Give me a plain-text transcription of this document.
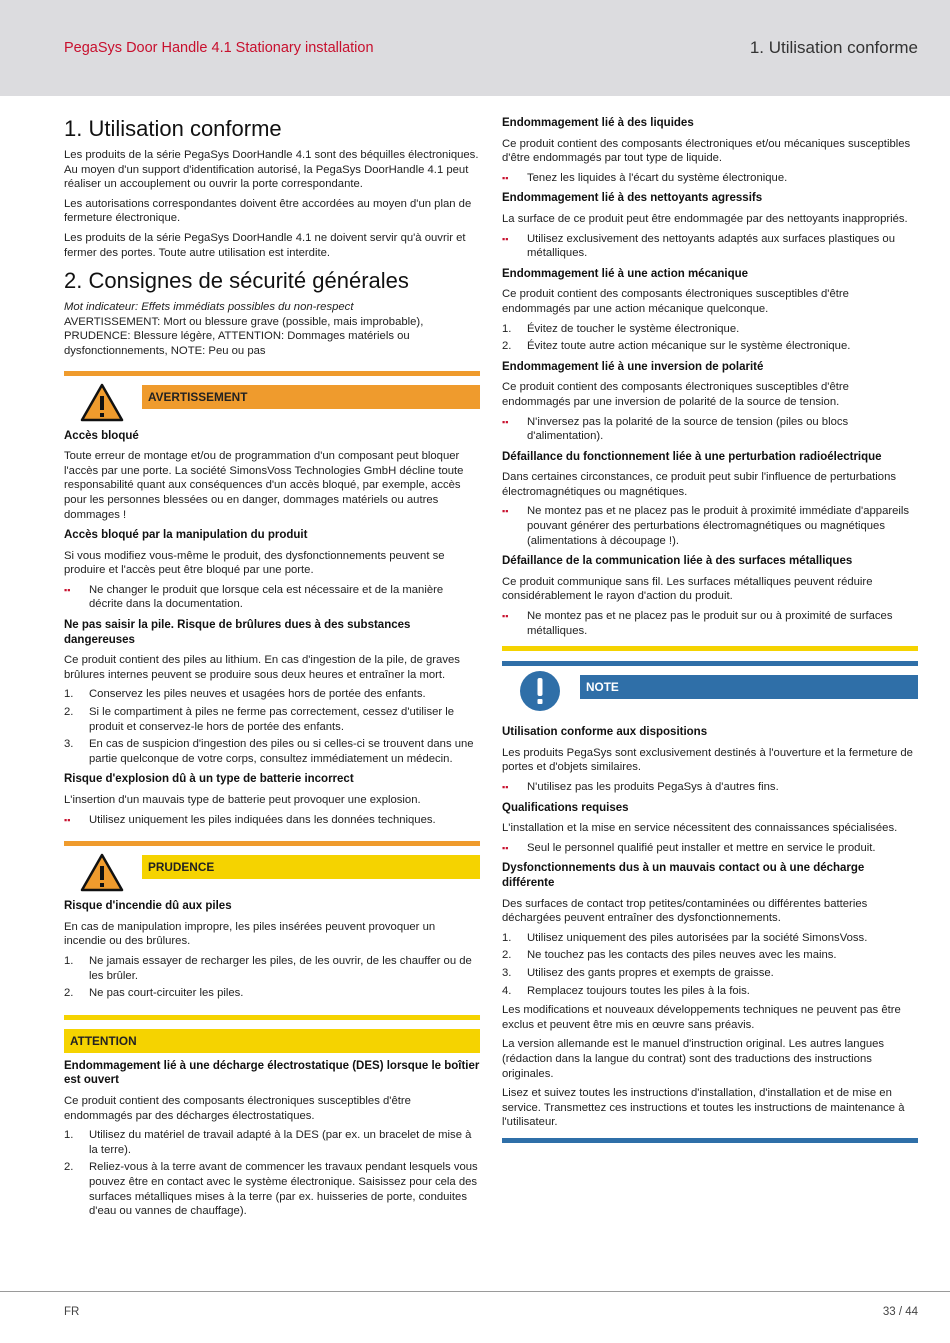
PegaSys Door Handle 4.1 Stationary installation	1. Utilisation conforme
1. Utilisation conforme

Les produits de la série PegaSys DoorHandle 4.1 sont des béquilles électroniques. Au moyen d'un support d'identification autorisé, la PegaSys DoorHandle 4.1 peut réaliser un accouplement ou ouvrir la porte correspondante.

Les autorisations correspondantes doivent être accordées au moyen d'un plan de fermeture électronique.

Les produits de la série PegaSys DoorHandle 4.1 ne doivent servir qu'à ouvrir et fermer des portes. Toute autre utilisation est interdite.

2. Consignes de sécurité générales

Mot indicateur: Effets immédiats possibles du non-respect

AVERTISSEMENT: Mort ou blessure grave (possible, mais improbable), PRUDENCE: Blessure légère, ATTENTION: Dommages matériels ou dysfonctionnements, NOTE: Peu ou pas

AVERTISSEMENT
Accès bloqué

Toute erreur de montage et/ou de programmation d'un composant peut bloquer l'accès par une porte. La société SimonsVoss Technologies GmbH décline toute responsabilité quant aux conséquences d'un accès bloqué, par exemple, accès pour les personnes blessées ou en danger, dommages matériels ou autres dommages !

Accès bloqué par la manipulation du produit

Si vous modifiez vous-même le produit, des dysfonctionnements peuvent se produire et l'accès peut être bloqué par une porte.

▪▪	Ne changer le produit que lorsque cela est nécessaire et de la manière décrite dans la documentation.
Ne pas saisir la pile. Risque de brûlures dues à des substances dangereuses

Ce produit contient des piles au lithium. En cas d'ingestion de la pile, de graves brûlures internes peuvent se produire sous deux heures et entraîner la mort.

1. Conservez les piles neuves et usagées hors de portée des enfants.
2. Si le compartiment à piles ne ferme pas correctement, cessez d'utiliser le produit et conservez-le hors de portée des enfants.
3. En cas de suspicion d'ingestion des piles ou si celles-ci se trouvent dans une partie quelconque de votre corps, consultez immédiatement un médecin.
Risque d'explosion dû à un type de batterie incorrect

L'insertion d'un mauvais type de batterie peut provoquer une explosion.

▪▪	Utilisez uniquement les piles indiquées dans les données techniques.
PRUDENCE
Risque d'incendie dû aux piles

En cas de manipulation impropre, les piles insérées peuvent provoquer un incendie ou des brûlures.

1. Ne jamais essayer de recharger les piles, de les ouvrir, de les chauffer ou de les brûler.
2. Ne pas court-circuiter les piles.
ATTENTION
Endommagement lié à une décharge électrostatique (DES) lorsque le boîtier est ouvert

Ce produit contient des composants électroniques susceptibles d'être endommagés par des décharges électrostatiques.

1. Utilisez du matériel de travail adapté à la DES (par ex. un bracelet de mise à la terre).
2. Reliez-vous à la terre avant de commencer les travaux pendant lesquels vous pouvez être en contact avec le système électronique. Saisissez pour cela des surfaces métalliques mises à la terre (par ex. huisseries de porte, conduites d'eau ou vannes de chauffage).
Endommagement lié à des liquides

Ce produit contient des composants électroniques et/ou mécaniques susceptibles d'être endommagés par tout type de liquide.

▪▪	Tenez les liquides à l'écart du système électronique.
Endommagement lié à des nettoyants agressifs

La surface de ce produit peut être endommagée par des nettoyants inappropriés.

▪▪	Utilisez exclusivement des nettoyants adaptés aux surfaces plastiques ou métalliques.
Endommagement lié à une action mécanique

Ce produit contient des composants électroniques susceptibles d'être endommagés par une action mécanique quelconque.

1. Évitez de toucher le système électronique.
2. Évitez toute autre action mécanique sur le système électronique.
Endommagement lié à une inversion de polarité

Ce produit contient des composants électroniques susceptibles d'être endommagés par une inversion de polarité de la source de tension.

▪▪	N'inversez pas la polarité de la source de tension (piles ou blocs d'alimentation).
Défaillance du fonctionnement liée à une perturbation radioélectrique

Dans certaines circonstances, ce produit peut subir l'influence de perturbations électromagnétiques ou magnétiques.

▪▪	Ne montez pas et ne placez pas le produit à proximité immédiate d'appareils pouvant générer des perturbations électromagnétiques ou magnétiques (alimentations à découpage !).
Défaillance de la communication liée à des surfaces métalliques

Ce produit communique sans fil. Les surfaces métalliques peuvent réduire considérablement le rayon d'action du produit.

▪▪	Ne montez pas et ne placez pas le produit sur ou à proximité de surfaces métalliques.
NOTE
Utilisation conforme aux dispositions

Les produits PegaSys sont exclusivement destinés à l'ouverture et la fermeture de portes et d'objets similaires.

▪▪	N'utilisez pas les produits PegaSys à d'autres fins.
Qualifications requises

L'installation et la mise en service nécessitent des connaissances spécialisées.

▪▪	Seul le personnel qualifié peut installer et mettre en service le produit.
Dysfonctionnements dus à un mauvais contact ou à une décharge différente

Des surfaces de contact trop petites/contaminées ou différentes batteries déchargées peuvent entraîner des dysfonctionnements.

1. Utilisez uniquement des piles autorisées par la société SimonsVoss.
2. Ne touchez pas les contacts des piles neuves avec les mains.
3. Utilisez des gants propres et exempts de graisse.
4. Remplacez toujours toutes les piles à la fois.

Les modifications et nouveaux développements techniques ne peuvent pas être exclus et peuvent être mis en œuvre sans préavis.

La version allemande est le manuel d'instruction original. Les autres langues (rédaction dans la langue du contrat) sont des traductions des instructions originales.

Lisez et suivez toutes les instructions d'installation, d'installation et de mise en service. Transmettez ces instructions et toutes les instructions de maintenance à l'utilisateur.

FR	33 / 44
